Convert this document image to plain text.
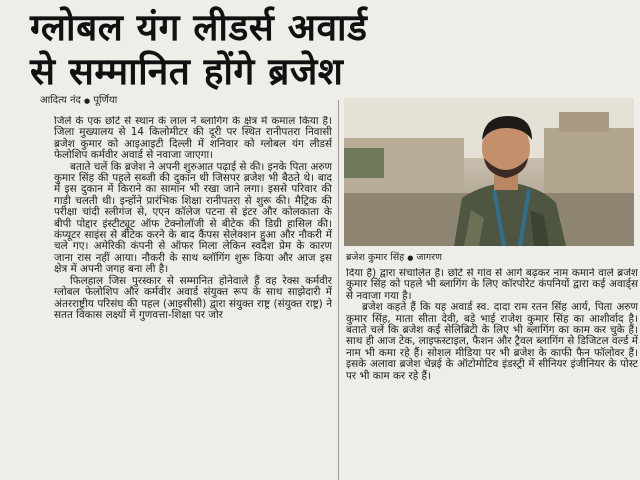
ग्लोबल यंग लीडर्स अवार्ड
से सम्मानित होंगे ब्रजेश
आदित्य नंद ● पूर्णिया

जिले के एक छोटे से स्थान के लाल ने ब्लागिंग के क्षेत्र में कमाल किया है। जिला मुख्यालय से 14 किलोमीटर की दूरी पर स्थित रानीपतरा निवासी ब्रजेश कुमार को आइआइटी दिल्ली में शनिवार को ग्लोबल यंग लीडर्स फेलोशिप कर्मवीर अवार्ड से नवाजा जाएगा।

बताते चलें कि ब्रजेश ने अपनी शुरुआत पढ़ाई से की। इनके पिता अरुण कुमार सिंह की पहले सब्जी की दुकान थी जिसपर ब्रजेश भी बैठते थे। बाद में इस दुकान में किराने का सामान भी रखा जाने लगा। इससे परिवार की गाड़ी चलती थी। इन्होंने प्रारंभिक शिक्षा रानीपतरा से शुरू की। मैट्रिक की परीक्षा चांदी स्लीगंज से, एएन कॉलेज पटना से इंटर और कोलकाता के बीपी पोद्दार इंस्टीट्यूट ऑफ टेक्नोलॉजी से बीटेक की डिग्री हासिल की। कंप्यूटर साइंस से बीटेक करने के बाद कैंपस सेलेक्शन हुआ और नौकरी में चले गए। अमेरिकी कंपनी से ऑफर मिला लेकिन स्वदेश प्रेम के कारण जाना रास नहीं आया। नौकरी के साथ ब्लॉगिंग शुरू किया और आज इस क्षेत्र में अपनी जगह बना ली है।

फिलहाल जिस पुरस्कार से सम्मानित होनेवाले हैं वह रेक्स कर्मवीर ग्लोबल फेलोशिप और कर्मवीर अवार्ड संयुक्त रूप के साथ साझेदारी में अंतरराष्ट्रीय परिसंघ की पहल (आइसीसी) द्वारा संयुक्त राष्ट्र (संयुक्त राष्ट्र) ने सतत विकास लक्ष्यों में गुणवत्ता-शिक्षा पर जोर

ब्रजेश कुमार सिंह ● जागरण

दिया है) द्वारा संचालित है। छोटे से गांव से आगे बढ़कर नाम कमाने वाले ब्रजेश कुमार सिंह को पहले भी ब्लागिंग के लिए कॉरपोरेट कंपनियों द्वारा कई अवार्ड्स से नवाजा गया है।

ब्रजेश कहते हैं कि यह अवार्ड स्व. दादा राम रतन सिंह आर्य, पिता अरुण कुमार सिंह, माता सीता देवी, बड़े भाई राजेश कुमार सिंह का आशीर्वाद है। बताते चलें कि ब्रजेश कई सेलिब्रिटी के लिए भी ब्लागिंग का काम कर चुके हैं। साथ ही आज टेक, लाइफस्टाइल, फैशन और ट्रैवल ब्लागिंग से डिजिटल वर्ल्ड में नाम भी कमा रहे हैं। सोशल मीडिया पर भी ब्रजेश के काफी फैन फॉलोवर हैं। इसके अलावा ब्रजेश चेन्नई के ऑटोमोटिव इंडस्ट्री में सीनियर इंजीनियर के पोस्ट पर भी काम कर रहे हैं।
